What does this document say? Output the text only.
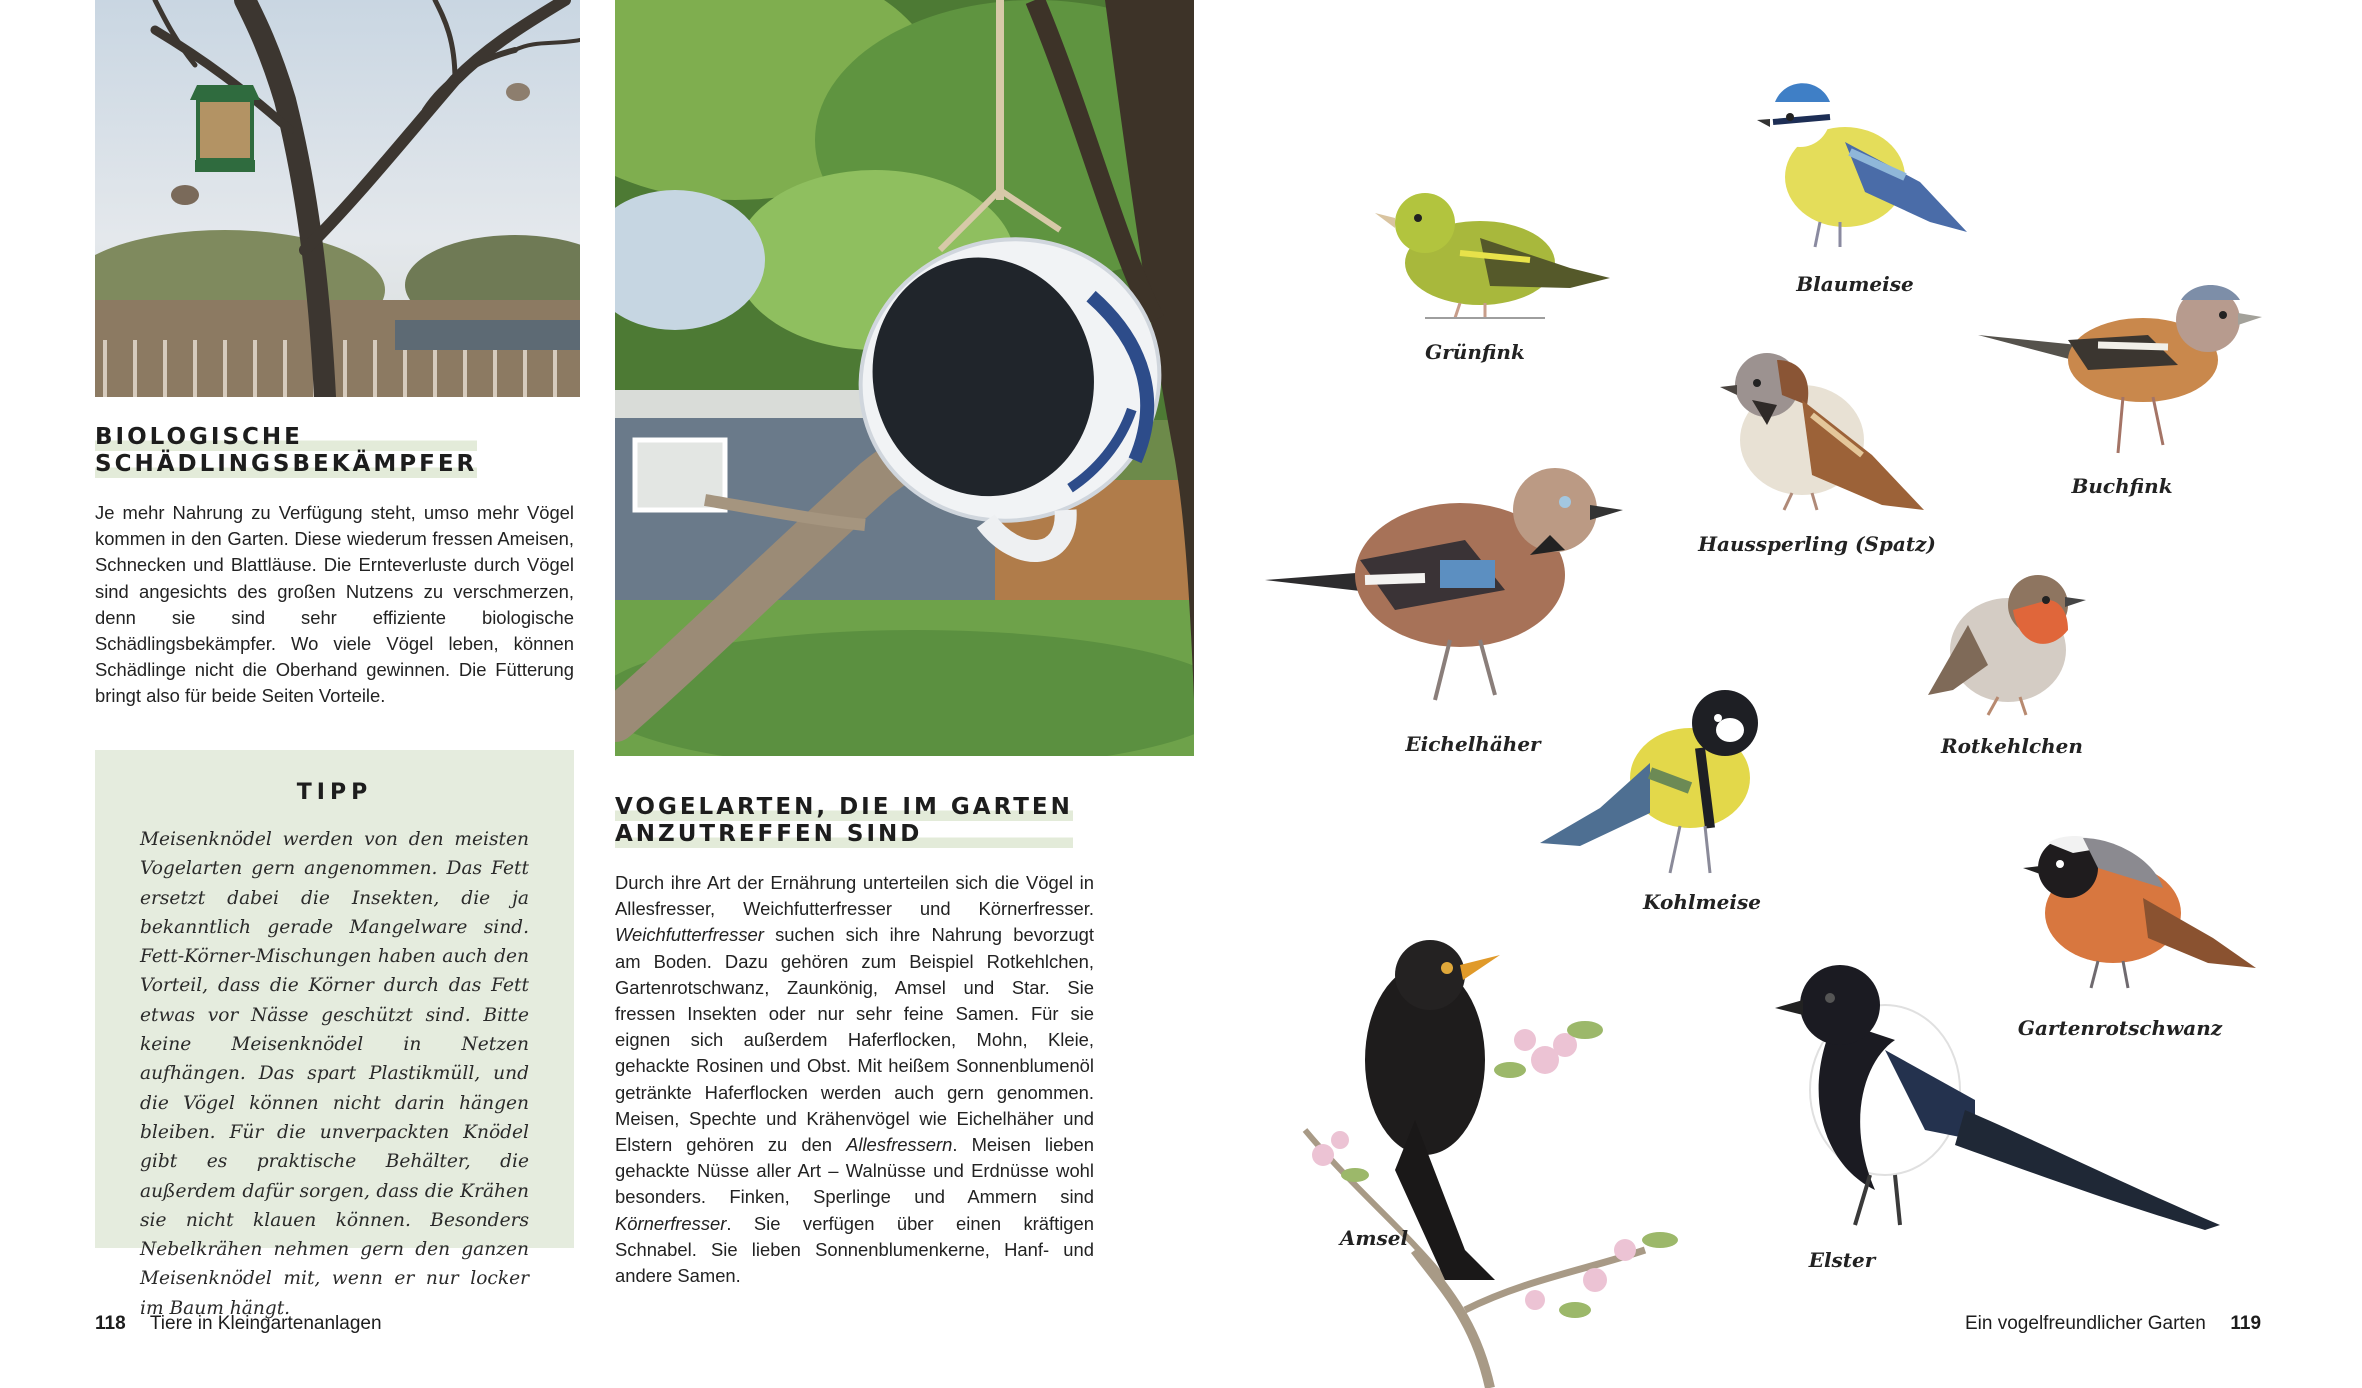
BIOLOGISCHE
SCHÄDLINGSBEKÄMPFER
Je mehr Nahrung zu Verfügung steht, umso mehr Vögel kommen in den Garten. Diese wiederum fressen Ameisen, Schnecken und Blattläuse. Die Ernteverluste durch Vögel sind angesichts des großen Nutzens zu verschmerzen, denn sie sind sehr effiziente biologische Schädlingsbekämpfer. Wo viele Vögel leben, können Schädlinge nicht die Oberhand gewinnen. Die Fütterung bringt also für beide Seiten Vorteile.
TIPP
Meisenknödel werden von den meisten Vogelarten gern angenommen. Das Fett ersetzt dabei die Insekten, die ja bekanntlich gerade Mangelware sind. Fett-Körner-Mischungen haben auch den Vorteil, dass die Körner durch das Fett etwas vor Nässe geschützt sind. Bitte keine Meisenknödel in Netzen aufhängen. Das spart Plastikmüll, und die Vögel können nicht darin hängen bleiben. Für die unverpackten Knödel gibt es praktische Behälter, die außerdem dafür sorgen, dass die Krähen sie nicht klauen können. Besonders Nebelkrähen nehmen gern den ganzen Meisenknödel mit, wenn er nur locker im Baum hängt.
VOGELARTEN, DIE IM GARTEN
ANZUTREFFEN SIND
Durch ihre Art der Ernährung unterteilen sich die Vögel in Allesfresser, Weichfutterfresser und Körnerfresser. Weichfutterfresser suchen sich ihre Nahrung bevorzugt am Boden. Dazu gehören zum Beispiel Rotkehlchen, Gartenrotschwanz, Zaunkönig, Amsel und Star. Sie fressen Insekten oder nur sehr feine Samen. Für sie eignen sich außerdem Haferflocken, Mohn, Kleie, gehackte Rosinen und Obst. Mit heißem Sonnenblumenöl getränkte Haferflocken werden auch gern genommen. Meisen, Spechte und Krähenvögel wie Eichelhäher und Elstern gehören zu den Allesfressern. Meisen lieben gehackte Nüsse aller Art – Walnüsse und Erdnüsse wohl besonders. Finken, Sperlinge und Ammern sind Körnerfresser. Sie verfügen über einen kräftigen Schnabel. Sie lieben Sonnenblumenkerne, Hanf- und andere Samen.
118 Tiere in Kleingartenanlagen
Grünfink
Blaumeise
Buchfink
Haussperling (Spatz)
Eichelhäher	Rotkehlchen
Kohlmeise
Gartenrotschwanz
Amsel
Elster
Ein vogelfreundlicher Garten 119
